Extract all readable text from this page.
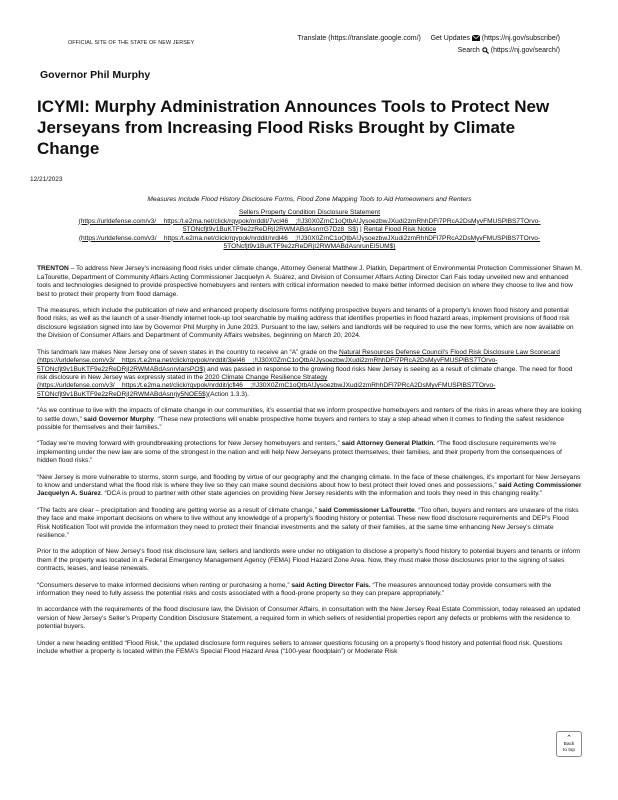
OFFICIAL SITE OF THE STATE OF NEW JERSEY
Translate (https://translate.google.com/) Get Updates (https://nj.gov/subscribe/)
Search (https://nj.gov/search/)
Governor Phil Murphy
ICYMI: Murphy Administration Announces Tools to Protect New Jerseyans from Increasing Flood Risks Brought by Climate Change
12/21/2023
Measures Include Flood History Disclosure Forms, Flood Zone Mapping Tools to Aid Homeowners and Renters
Sellers Property Condition Disclosure Statement
(https://urldefense.com/v3/__https:/t.e2ma.net/click/rqvpok/nrddit/7vcl46__;!!J30X0ZrnC1oQtbA!JysoezbwJXudi2zmRhhDFl7PRcA2DsMyvFMUSPlBS7TOrvo-5TONcfjt9v1BuKTF9e2zReDRjI2RWMABdAsnrrG7Dz8_S$) | Rental Flood Risk Notice
(https://urldefense.com/v3/__https:/t.e2ma.net/click/rqvpok/nrddit/nrdl46__;!!J30X0ZrnC1oQtbA!JysoezbwJXudi2zmRhhDFl7PRcA2DsMyvFMUSPlBS7TOrvo-5TONcfjt9v1BuKTF9e2zReDRjI2RWMABdAsnrunEI5UM$)

TRENTON – To address New Jersey’s increasing flood risks under climate change, Attorney General Matthew J. Platkin, Department of Environmental Protection Commissioner Shawn M. LaTourette, Department of Community Affairs Acting Commissioner Jacquelyn A. Suárez, and Division of Consumer Affairs Acting Director Cari Fais today unveiled new and enhanced tools and technologies designed to provide prospective homebuyers and renters with critical information needed to make better informed decision on where they choose to live and how best to protect their property from flood damage.

The measures, which include the publication of new and enhanced property disclosure forms notifying prospective buyers and tenants of a property’s known flood history and potential flood risks, as well as the launch of a user-friendly internet look-up tool searchable by mailing address that identifies properties in flood hazard areas, implement provisions of flood risk disclosure legislation signed into law by Governor Phil Murphy in June 2023. Pursuant to the law, sellers and landlords will be required to use the new forms, which are now available on the Division of Consumer Affairs and Department of Community Affairs websites, beginning on March 20, 2024.

This landmark law makes New Jersey one of seven states in the country to receive an “A” grade on the Natural Resources Defense Council’s Flood Risk Disclosure Law Scorecard (https://urldefense.com/v3/__https:/t.e2ma.net/click/rqvpok/nrddit/3jel46__;!!J30X0ZrnC1oQtbA!JysoezbwJXudi2zmRhhDFl7PRcA2DsMyvFMUSPlBS7TOrvo-5TONcfjt9v1BuKTF9e2zReDRjI2RWMABdAsnrvIarsPO$) and was passed in response to the growing flood risks New Jersey is seeing as a result of climate change. The need for flood risk disclosure in New Jersey was expressly stated in the 2020 Climate Change Resilience Strategy (https://urldefense.com/v3/__https:/t.e2ma.net/click/rqvpok/nrddit/jcfl46__;!!J30X0ZrnC1oQtbA!JysoezbwJXudi2zmRhhDFl7PRcA2DsMyvFMUSPlBS7TOrvo-5TONcfjt9v1BuKTF9e2zReDRjI2RWMABdAsnrjy5NOE5$)(Action 1.3.3).

“As we continue to live with the impacts of climate change in our communities, it’s essential that we inform prospective homebuyers and renters of the risks in areas where they are looking to settle down,” said Governor Murphy. “These new protections will enable prospective home buyers and renters to stay a step ahead when it comes to finding the safest residence possible for themselves and their families.”

“Today we’re moving forward with groundbreaking protections for New Jersey homebuyers and renters,” said Attorney General Platkin. “The flood disclosure requirements we’re implementing under the new law are some of the strongest in the nation and will help New Jerseyans protect themselves, their families, and their property from the consequences of hidden flood risks.”

“New Jersey is more vulnerable to storms, storm surge, and flooding by virtue of our geography and the changing climate. In the face of these challenges, it’s important for New Jerseyans to know and understand what the flood risk is where they live so they can make sound decisions about how to best protect their loved ones and possessions,” said Acting Commissioner Jacquelyn A. Suárez. “DCA is proud to partner with other state agencies on providing New Jersey residents with the information and tools they need in this changing reality.”

“The facts are clear – precipitation and flooding are getting worse as a result of climate change,” said Commissioner LaTourette. “Too often, buyers and renters are unaware of the risks they face and make important decisions on where to live without any knowledge of a property’s flooding history or potential. These new flood disclosure requirements and DEP’s Flood Risk Notification Tool will provide the information they need to protect their financial investments and the safety of their families, at the same time enhancing New Jersey’s climate resilience.”

Prior to the adoption of New Jersey’s flood risk disclosure law, sellers and landlords were under no obligation to disclose a property’s flood history to potential buyers and tenants or inform them if the property was located in a Federal Emergency Management Agency (FEMA) Flood Hazard Zone Area. Now, they must make those disclosures prior to the signing of sales contracts, leases, and lease renewals.

“Consumers deserve to make informed decisions when renting or purchasing a home,” said Acting Director Fais. “The measures announced today provide consumers with the information they need to fully assess the potential risks and costs associated with a flood-prone property so they can prepare appropriately.”

In accordance with the requirements of the flood disclosure law, the Division of Consumer Affairs, in consultation with the New Jersey Real Estate Commission, today released an updated version of New Jersey’s Seller’s Property Condition Disclosure Statement, a required form in which sellers of residential properties report any defects or problems with the residence to potential buyers.

Under a new heading entitled “Flood Risk,” the updated disclosure form requires sellers to answer questions focusing on a property’s flood history and potential flood risk. Questions include whether a property is located within the FEMA’s Special Flood Hazard Area (“100-year floodplain”) or Moderate Risk

⌃
Back
to top
